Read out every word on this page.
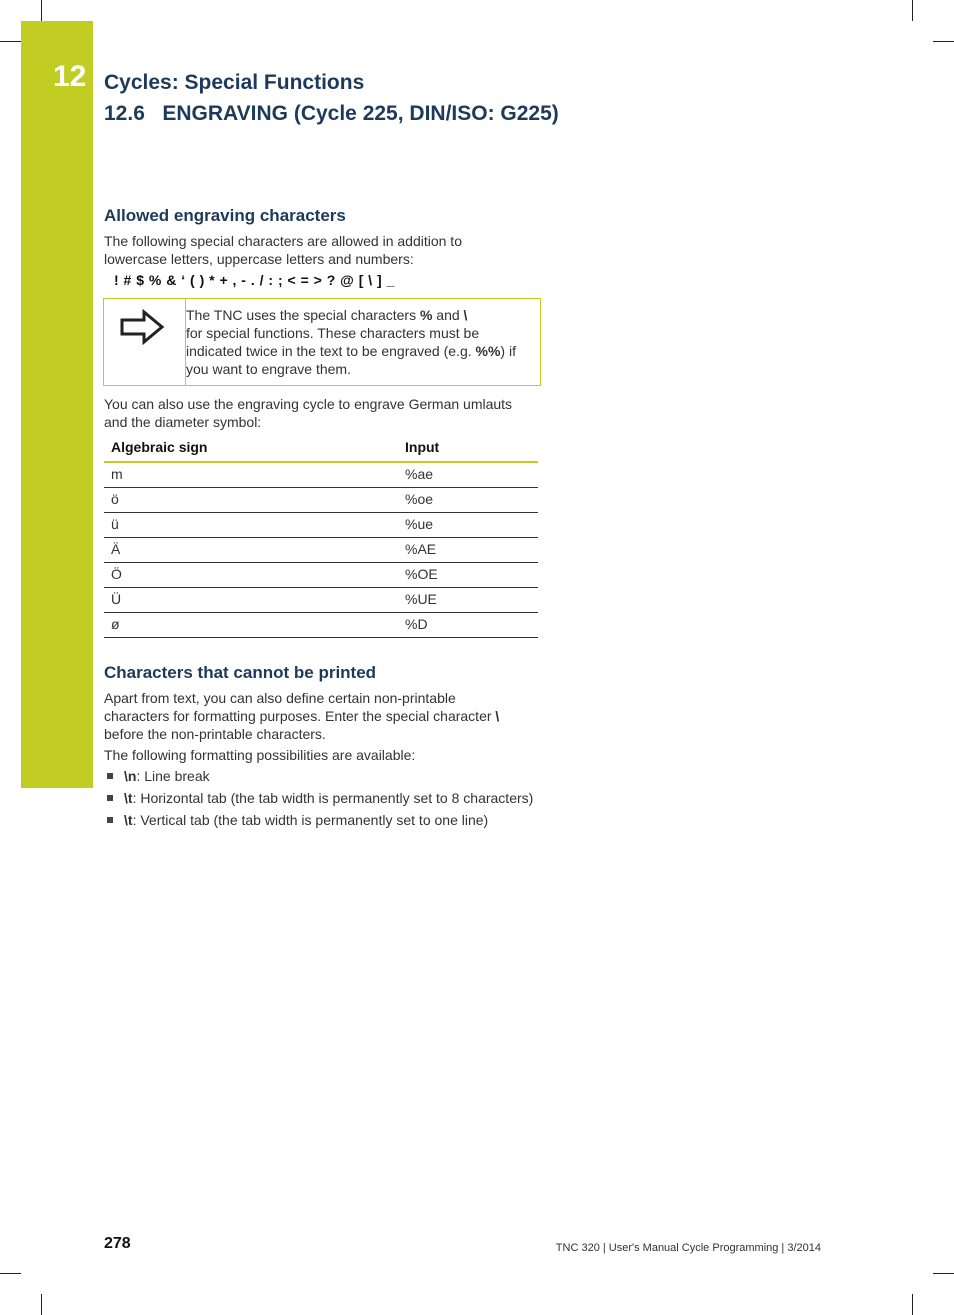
12 Cycles: Special Functions
12.6   ENGRAVING (Cycle 225, DIN/ISO: G225)
Allowed engraving characters
The following special characters are allowed in addition to
lowercase letters, uppercase letters and numbers:
! # $ % & ‘ ( ) * + , - . / : ; < = > ? @ [ \ ] _
The TNC uses the special characters % and \
for special functions. These characters must be
indicated twice in the text to be engraved (e.g. %%) if
you want to engrave them.
You can also use the engraving cycle to engrave German umlauts
and the diameter symbol:
Algebraic sign	Input
m	%ae
ö	%oe
ü	%ue
Ä	%AE
Ö	%OE
Ü	%UE
ø	%D
Characters that cannot be printed
Apart from text, you can also define certain non-printable
characters for formatting purposes. Enter the special character \
before the non-printable characters.
The following formatting possibilities are available:
\n: Line break
\t: Horizontal tab (the tab width is permanently set to 8 characters)
\t: Vertical tab (the tab width is permanently set to one line)
278	TNC 320 | User's Manual Cycle Programming | 3/2014
